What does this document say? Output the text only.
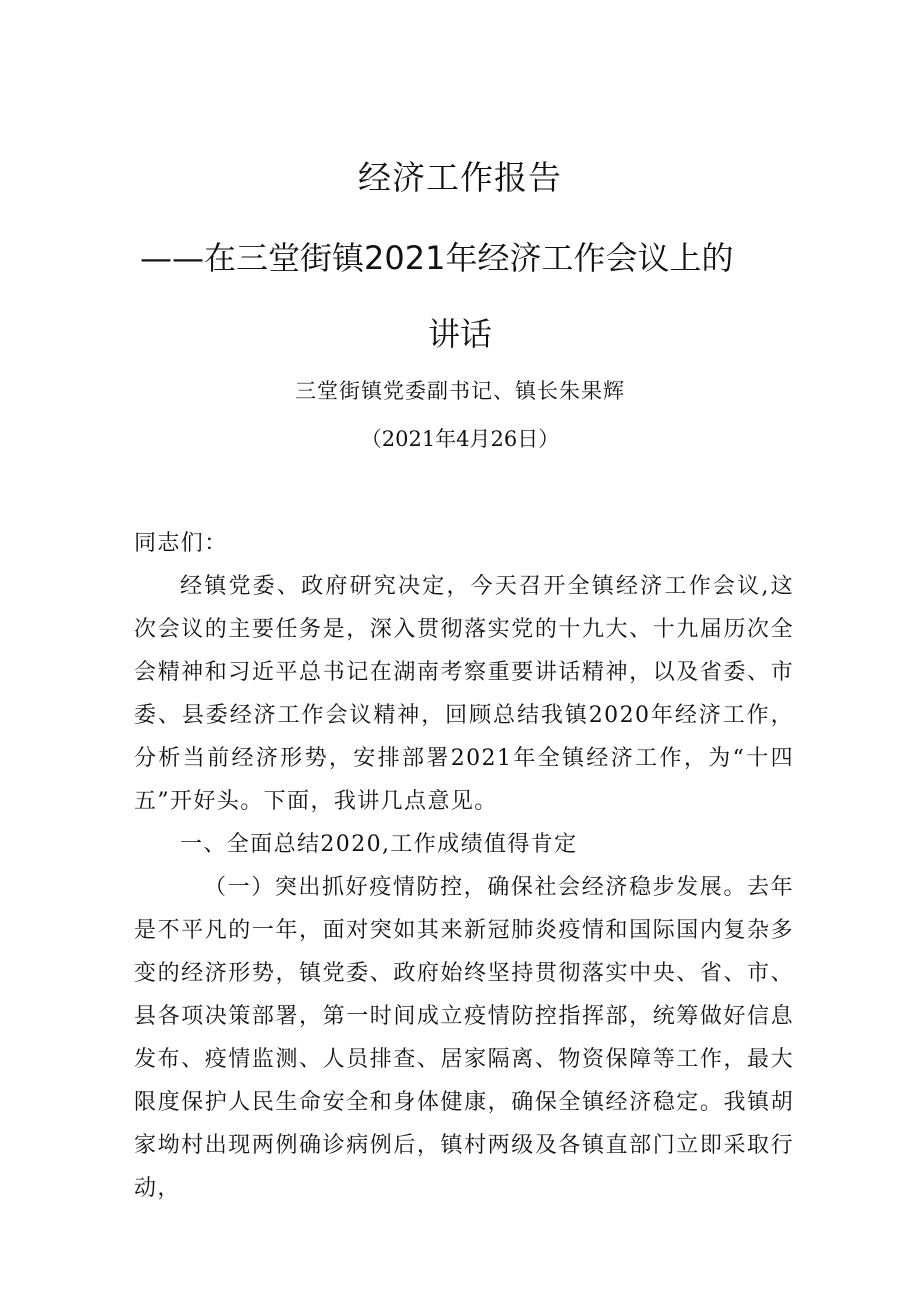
经济工作报告
——在三堂街镇2021年经济工作会议上的
讲话
三堂街镇党委副书记、镇长朱果辉
（2021年4月26日）

同志们：

经镇党委、政府研究决定，今天召开全镇经济工作会议,这次会议的主要任务是，深入贯彻落实党的十九大、十九届历次全会精神和习近平总书记在湖南考察重要讲话精神，以及省委、市委、县委经济工作会议精神，回顾总结我镇2020年经济工作，分析当前经济形势，安排部署2021年全镇经济工作，为“十四五”开好头。下面，我讲几点意见。

一、全面总结2020,工作成绩值得肯定

（一）突出抓好疫情防控，确保社会经济稳步发展。去年是不平凡的一年，面对突如其来新冠肺炎疫情和国际国内复杂多变的经济形势，镇党委、政府始终坚持贯彻落实中央、省、市、县各项决策部署，第一时间成立疫情防控指挥部，统筹做好信息发布、疫情监测、人员排查、居家隔离、物资保障等工作，最大限度保护人民生命安全和身体健康，确保全镇经济稳定。我镇胡家坳村出现两例确诊病例后，镇村两级及各镇直部门立即采取行动，
